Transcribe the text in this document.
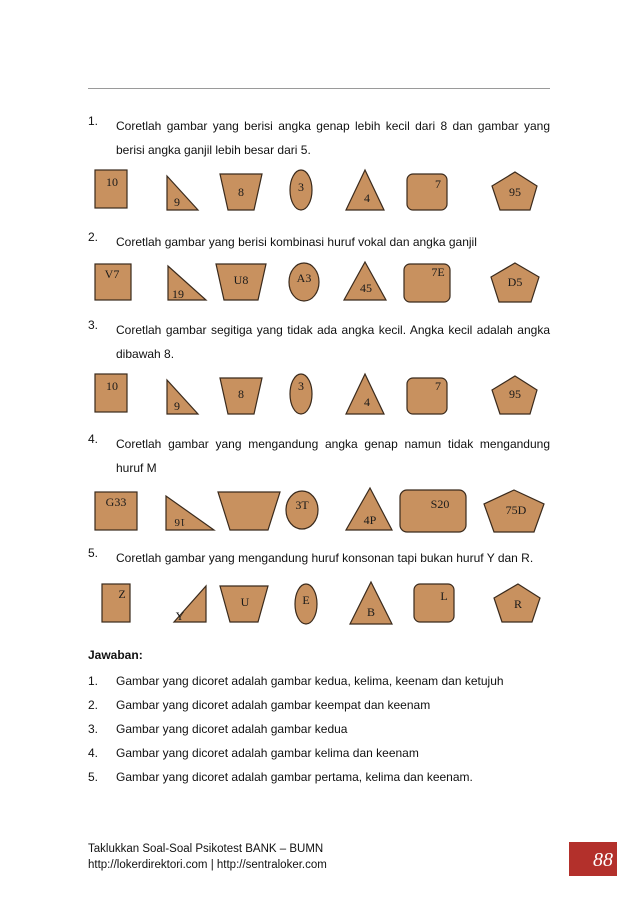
1. Coretlah gambar yang berisi angka genap lebih kecil dari 8 dan gambar yang berisi angka ganjil lebih besar dari 5.
10
9
8	3
4
7
95
2. Coretlah gambar yang berisi kombinasi huruf vokal dan angka ganjil
V7
19
U8	A3
45
7E
D5
3. Coretlah gambar segitiga yang tidak ada angka kecil. Angka kecil adalah angka dibawah 8.
10
9
8
3
4
7
95
4. Coretlah gambar yang mengandung angka genap namun tidak mengandung huruf M
G33
16
3T
4P
S20	75D
5. Coretlah gambar yang mengandung huruf konsonan tapi bukan huruf Y dan R.
Z
Y
U	E
B
L
R
Jawaban:
1. Gambar yang dicoret adalah gambar kedua, kelima, keenam dan ketujuh
2. Gambar yang dicoret adalah gambar keempat dan keenam
3. Gambar yang dicoret adalah gambar kedua
4. Gambar yang dicoret adalah gambar kelima dan keenam
5. Gambar yang dicoret adalah gambar pertama, kelima dan keenam.
Taklukkan Soal-Soal Psikotest BANK – BUMN
http://lokerdirektori.com | http://sentraloker.com	88
